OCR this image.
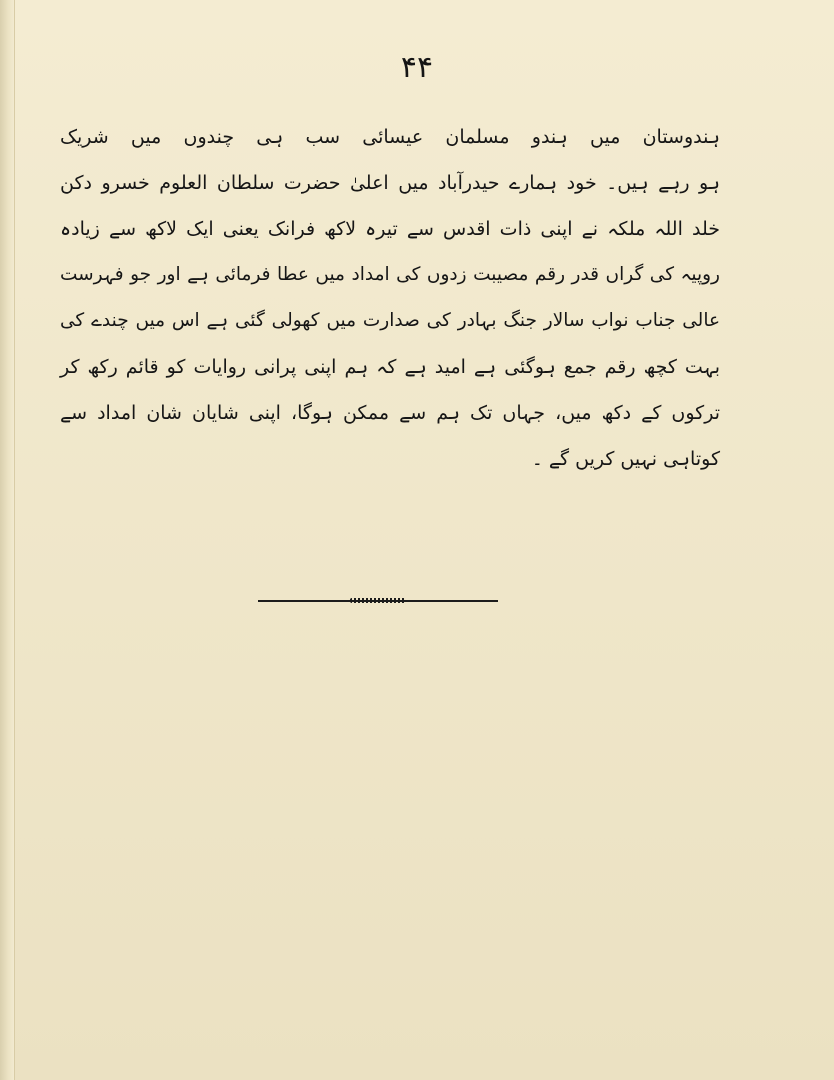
۴۴
ہندوستان میں ہندو مسلمان عیسائی سب ہی چندوں میں شریک
ہو رہے ہیں۔ خود ہمارے حیدرآباد میں اعلیٰ حضرت سلطان العلوم خسرو دکن
خلد اللہ ملکہ نے اپنی ذات اقدس سے تیرہ لاکھ فرانک یعنی ایک لاکھ سے زیادہ
روپیہ کی گراں قدر رقم مصیبت زدوں کی امداد میں عطا فرمائی ہے اور جو فہرست
عالی جناب نواب سالار جنگ بہادر کی صدارت میں کھولی گئی ہے اس میں چندے کی
بہت کچھ رقم جمع ہوگئی ہے امید ہے کہ ہم اپنی پرانی روایات کو قائم رکھ کر
ترکوں کے دکھ میں، جہاں تک ہم سے ممکن ہوگا، اپنی شایان شان امداد سے
کوتاہی نہیں کریں گے ۔
